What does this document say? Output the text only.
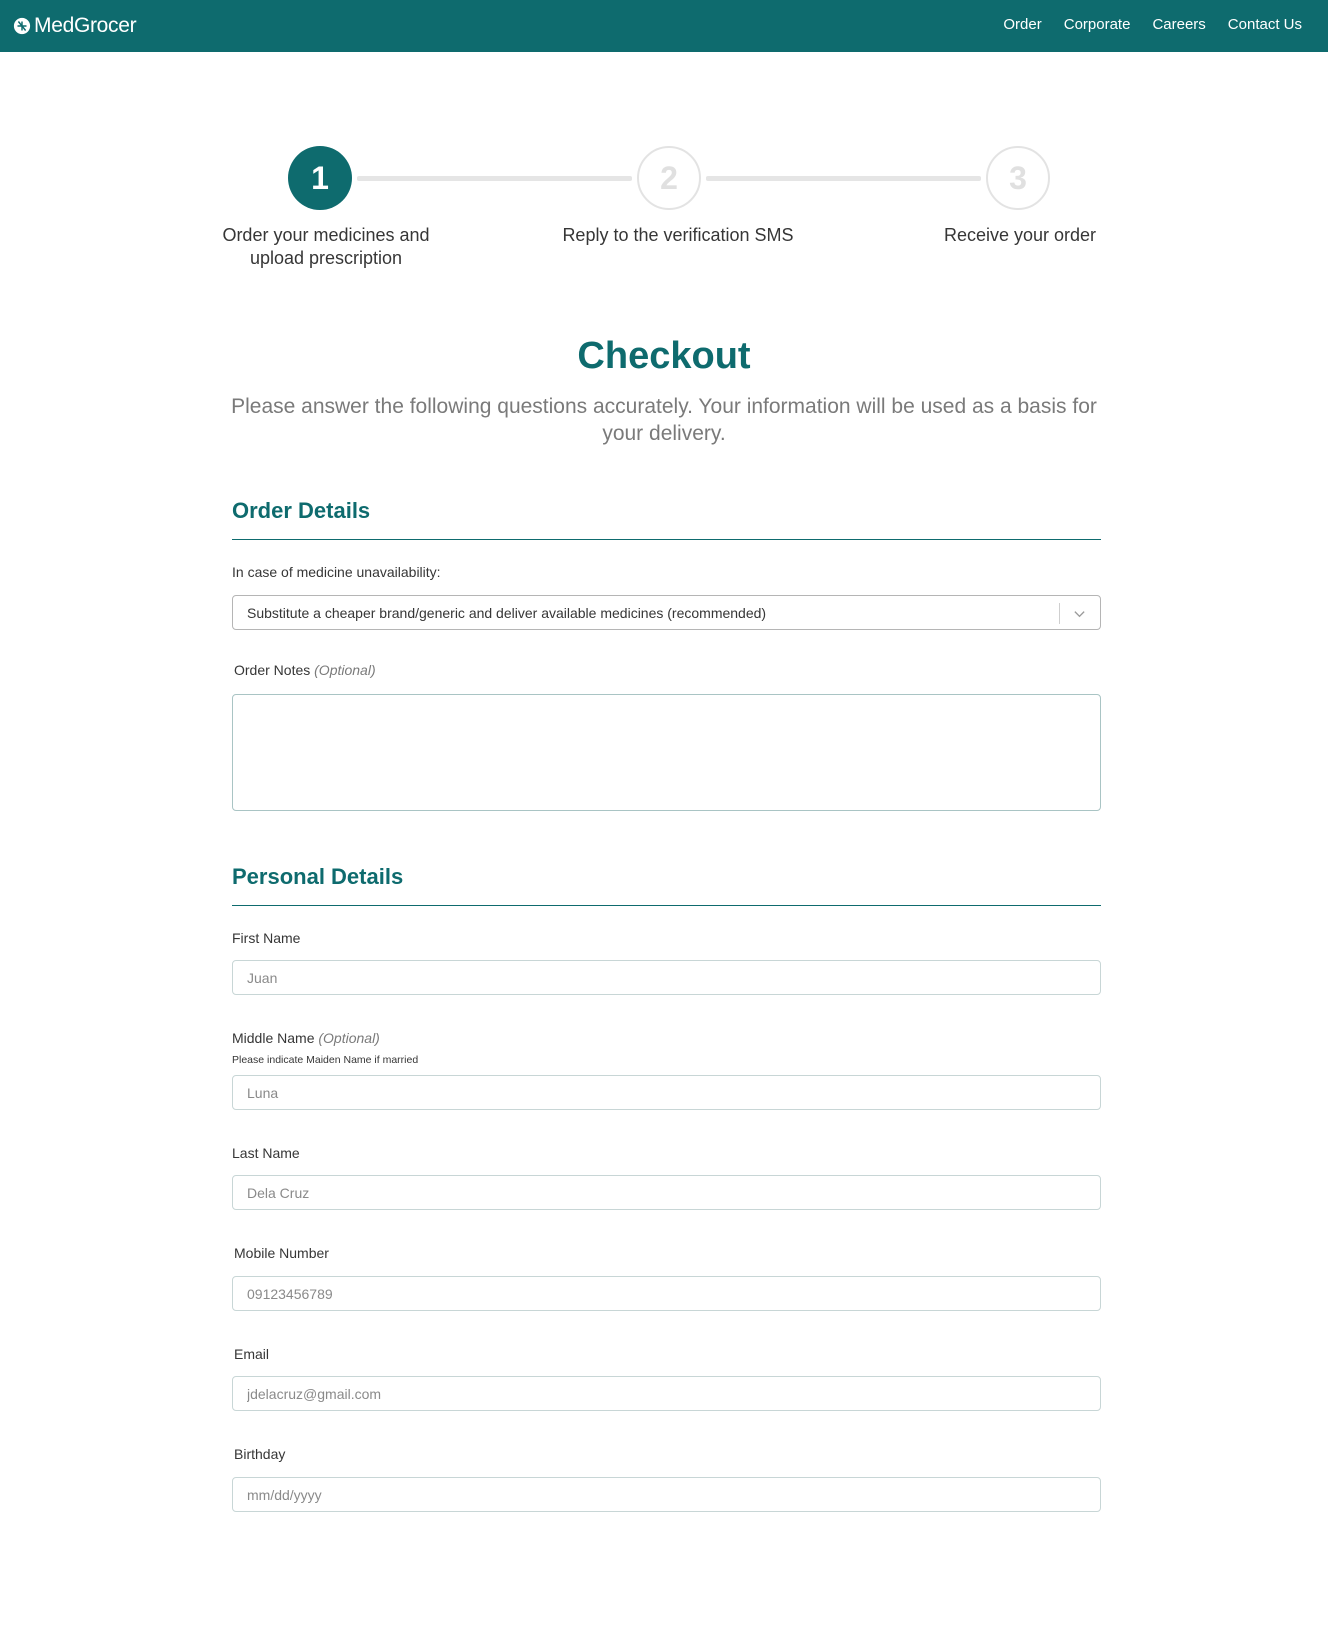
MedGrocer	Order Corporate Careers Contact Us
1	2	3
Order your medicines and
upload prescription
Reply to the verification SMS	Receive your order
Checkout

Please answer the following questions accurately. Your information will be used as a basis for your delivery.

Order Details
In case of medicine unavailability:
Substitute a cheaper brand/generic and deliver available medicines (recommended)
Order Notes (Optional)
Personal Details
First Name
Juan
Middle Name (Optional)
Please indicate Maiden Name if married
Luna
Last Name
Dela Cruz
Mobile Number
09123456789
Email
jdelacruz@gmail.com
Birthday
mm/dd/yyyy
